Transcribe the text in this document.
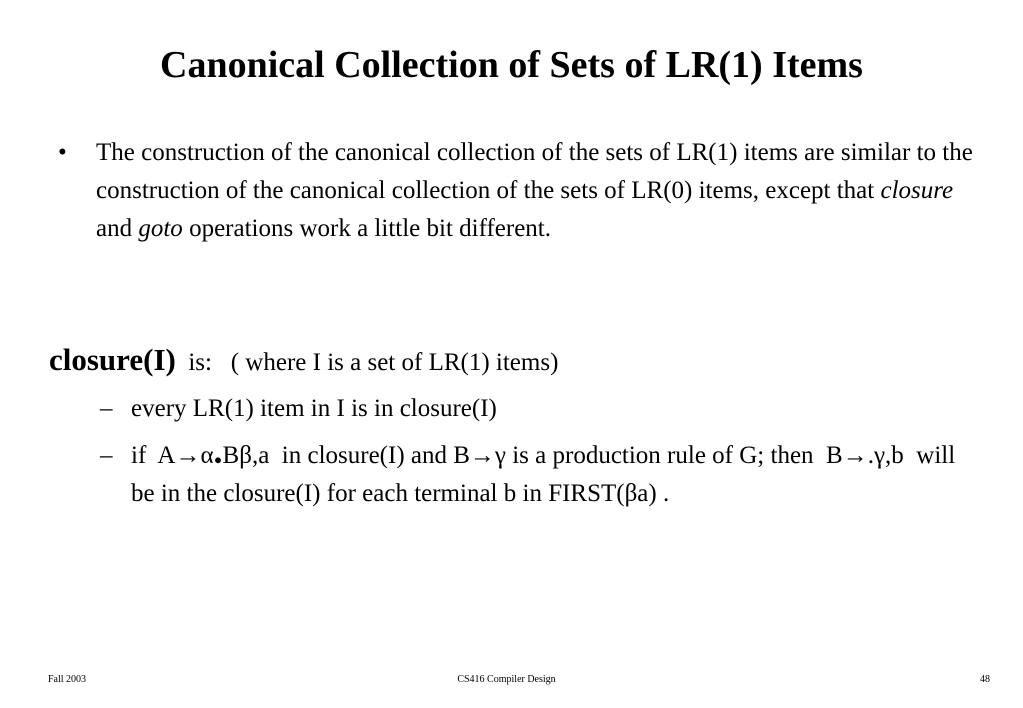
Canonical Collection of Sets of LR(1) Items
• The construction of the canonical collection of the sets of LR(1) items are similar to the construction of the canonical collection of the sets of LR(0) items, except that closure and goto operations work a little bit different.
closure(I)  is:   ( where I is a set of LR(1) items)
– every LR(1) item in I is in closure(I)
– if  A→α.Bβ,a  in closure(I) and B→γ is a production rule of G; then  B→.γ,b  will be in the closure(I) for each terminal b in FIRST(βa) .
Fall 2003	CS416 Compiler Design	48
